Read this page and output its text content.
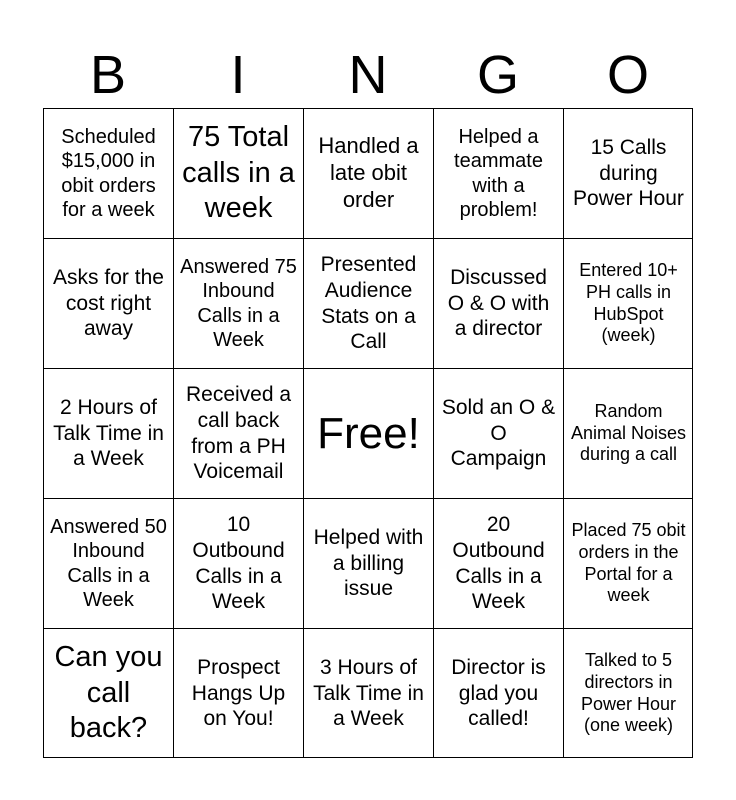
B	I	N	G	O
Scheduled $15,000 in obit orders for a week
75 Total calls in a week
Handled a late obit order
Helped a teammate with a problem!
15 Calls during Power Hour
Asks for the cost right away
Answered 75 Inbound Calls in a Week
Presented Audience Stats on a Call
Discussed O & O with a director
Entered 10+ PH calls in HubSpot (week)
2 Hours of Talk Time in a Week
Received a call back from a PH Voicemail
Free!
Sold an O & O Campaign
Random Animal Noises during a call
Answered 50 Inbound Calls in a Week
10 Outbound Calls in a Week
Helped with a billing issue
20 Outbound Calls in a Week
Placed 75 obit orders in the Portal for a week
Can you call back?
Prospect Hangs Up on You!
3 Hours of Talk Time in a Week
Director is glad you called!
Talked to 5 directors in Power Hour (one week)
